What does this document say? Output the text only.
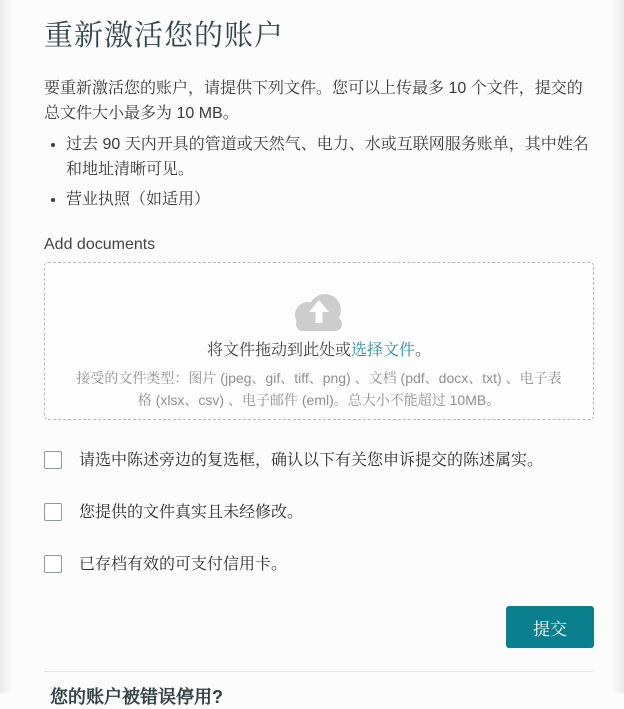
重新激活您的账户

要重新激活您的账户，请提供下列文件。您可以上传最多 10 个文件，提交的总文件大小最多为 10 MB。

• 过去 90 天内开具的管道或天然气、电力、水或互联网服务账单，其中姓名和地址清晰可见。
• 营业执照（如适用）
Add documents
将文件拖动到此处或选择文件。
接受的文件类型：图片 (jpeg、gif、tiff、png) 、文档 (pdf、docx、txt) 、电子表格 (xlsx、csv) 、电子邮件 (eml)。总大小不能超过 10MB。
请选中陈述旁边的复选框，确认以下有关您申诉提交的陈述属实。
您提供的文件真实且未经修改。
已存档有效的可支付信用卡。
提交
您的账户被错误停用?
